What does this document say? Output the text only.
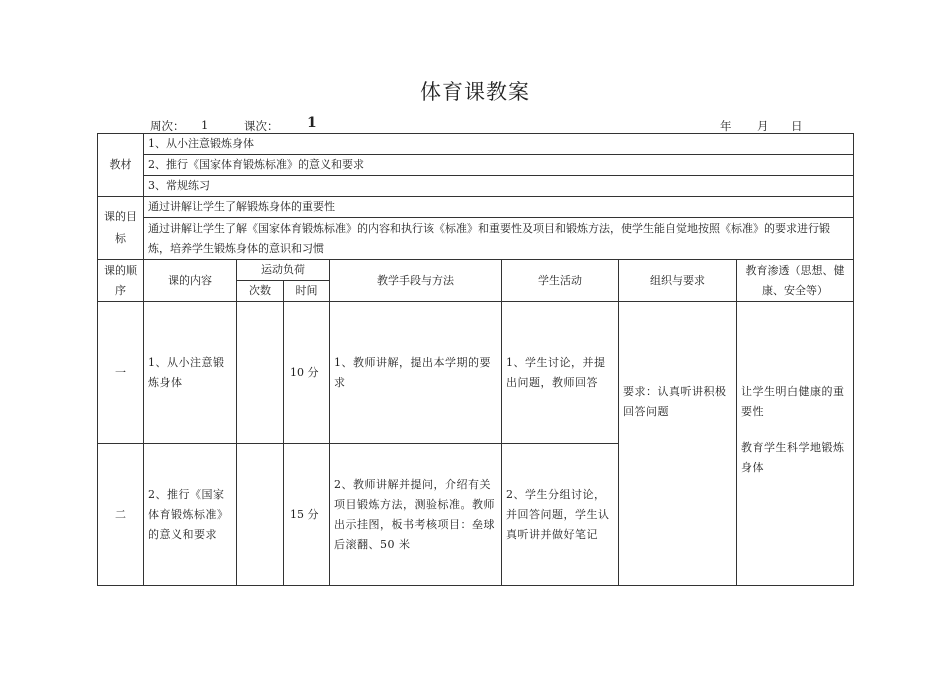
体育课教案
周次： 1	课次： 1	年 月 日
教材	1、从小注意锻炼身体						
	2、推行《国家体育锻炼标准》的意义和要求						
	3、常规练习						
课的目标	通过讲解让学生了解锻炼身体的重要性						
	通过讲解让学生了解《国家体育锻炼标准》的内容和执行该《标准》和重要性及项目和锻炼方法，使学生能自觉地按照《标准》的要求进行锻炼，培养学生锻炼身体的意识和习惯						
课的顺序	课的内容	运动负荷		教学手段与方法	学生活动	组织与要求	教育渗透（思想、健康、安全等）
		次数	时间				
一	1、从小注意锻炼身体		10 分	1、教师讲解，提出本学期的要求	1、学生讨论，并提出问题，教师回答	要求：认真听讲积极回答问题	让学生明白健康的重要性
教育学生科学地锻炼身体

二	2、推行《国家体育锻炼标准》的意义和要求		15 分	2、教师讲解并提问，介绍有关项目锻炼方法，测验标准。教师出示挂图，板书考核项目：垒球后滚翻、50 米	2、学生分组讨论，并回答问题，学生认真听讲并做好笔记		
